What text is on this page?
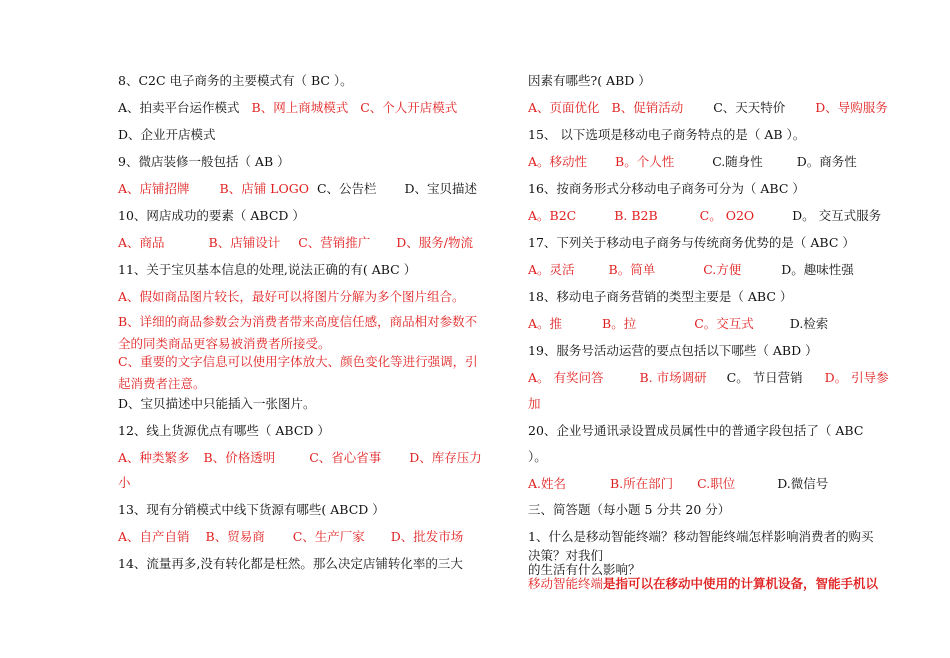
8、C2C 电子商务的主要模式有（ BC ）。
A、拍卖平台运作模式 B、网上商城模式 C、个人开店模式
D、企业开店模式
9、微店装修一般包括（ AB ）
A、店铺招牌 B、店铺 LOGO C、公告栏 D、宝贝描述
10、网店成功的要素（ ABCD ）
A、商品	B、店铺设计 C、营销推广 D、服务/物流
11、关于宝贝基本信息的处理,说法正确的有( ABC ）
A、假如商品图片较长，最好可以将图片分解为多个图片组合。
B、详细的商品参数会为消费者带来高度信任感，商品相对参数不全的同类商品更容易被消费者所接受。
C、重要的文字信息可以使用字体放大、颜色变化等进行强调，引起消费者注意。
D、宝贝描述中只能插入一张图片。
12、线上货源优点有哪些（ ABCD ）
A、种类繁多 B、价格透明	C、省心省事 D、库存压力
小
13、现有分销模式中线下货源有哪些( ABCD ）
A、自产自销 B、贸易商 C、生产厂家 D、批发市场
14、流量再多,没有转化都是枉然。那么决定店铺转化率的三大
因素有哪些?( ABD ）
A、页面优化 B、促销活动 C、天天特价 D、导购服务
15、 以下选项是移动电子商务特点的是（ AB ）。
A。移动性 B。个人性	C.随身性	D。商务性
16、按商务形式分移动电子商务可分为（ ABC ）
A。B2C	B. B2B	C。 O2O	D。 交互式服务
17、下列关于移动电子商务与传统商务优势的是（ ABC ）
A。灵活	B。简单	C.方便	D。趣味性强
18、移动电子商务营销的类型主要是（ ABC ）
A。推	B。拉	C。交互式	D.检索
19、服务号活动运营的要点包括以下哪些（ ABD ）
A。 有奖问答	B. 市场调研 C。 节日营销 D。 引导参
加
20、企业号通讯录设置成员属性中的普通字段包括了（ ABC
）。
A.姓名	B.所在部门 C.职位	D.微信号
三、简答题（每小题 5 分共 20 分）
1、什么是移动智能终端？移动智能终端怎样影响消费者的购买
决策？对我们
的生活有什么影响？
移动智能终端是指可以在移动中使用的计算机设备，智能手机以
